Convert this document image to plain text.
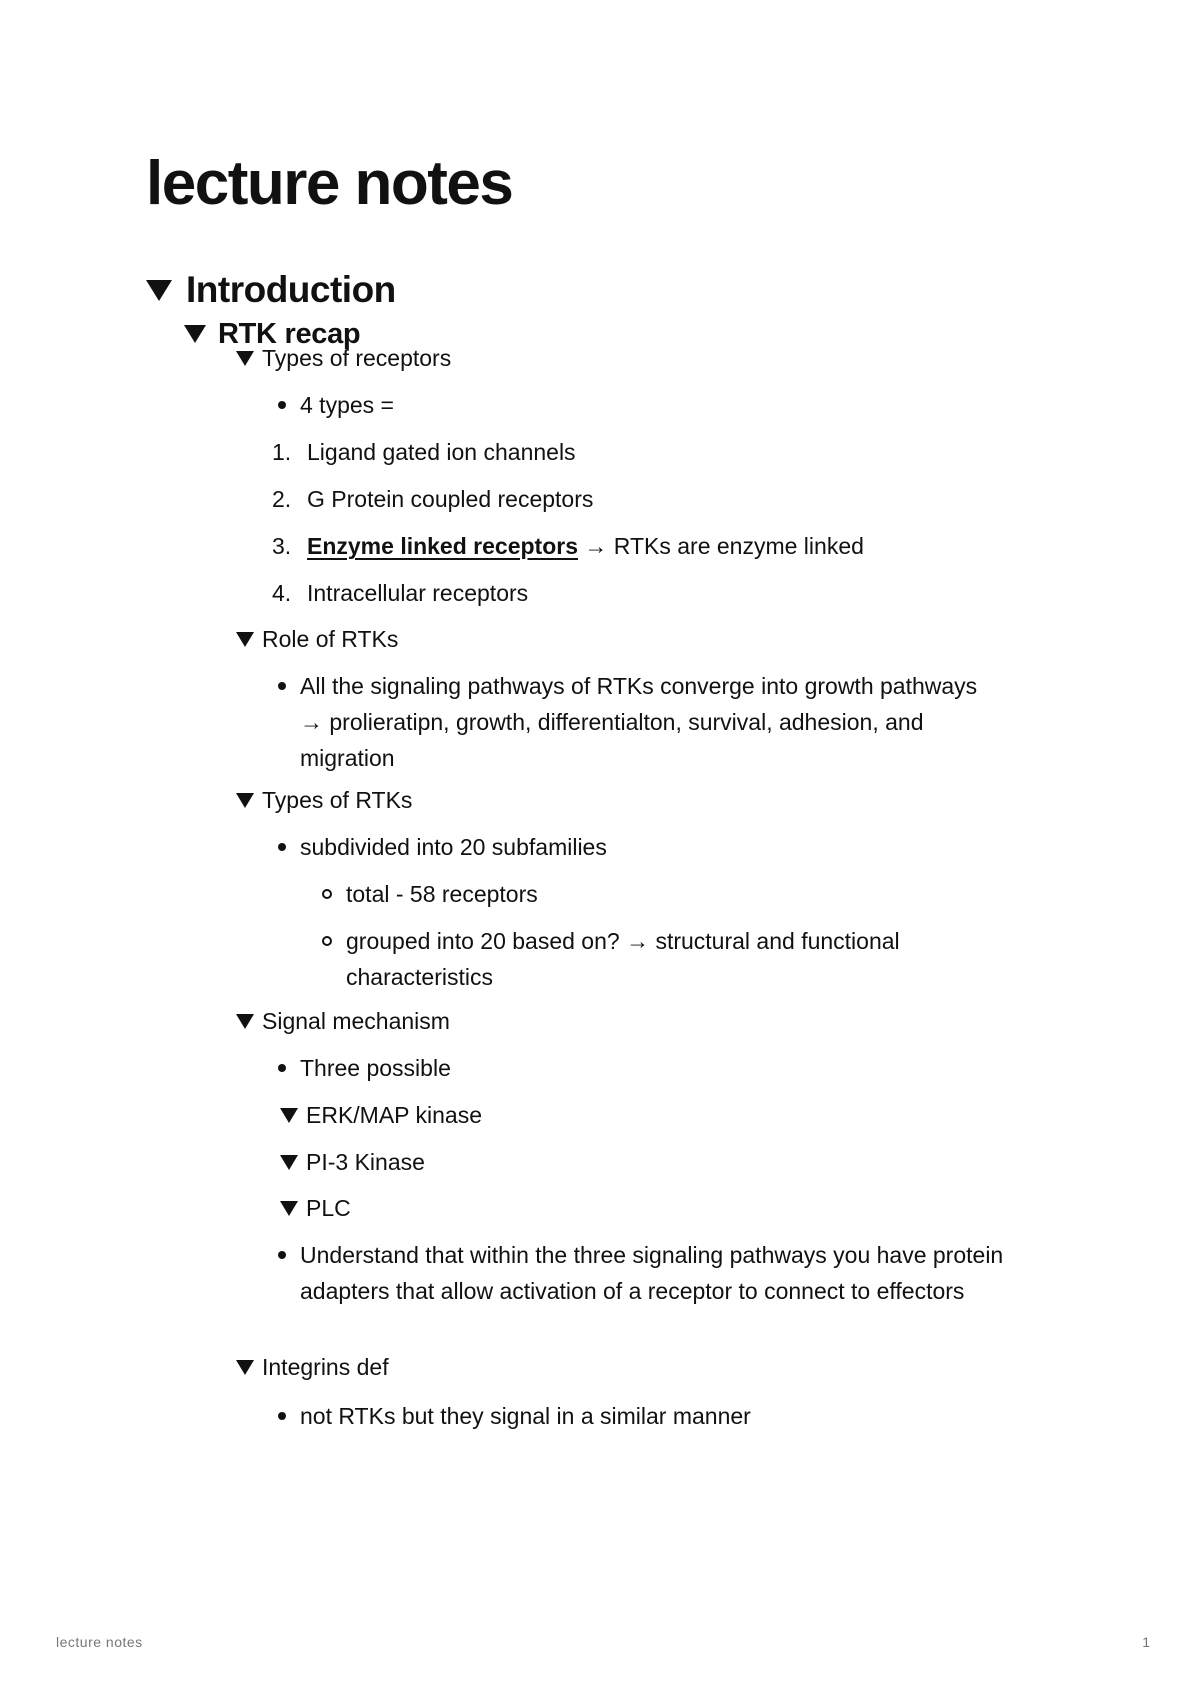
lecture notes
Introduction
RTK recap
Types of receptors
4 types =
1. Ligand gated ion channels
2. G Protein coupled receptors
3. Enzyme linked receptors → RTKs are enzyme linked
4. Intracellular receptors
Role of RTKs
All the signaling pathways of RTKs converge into growth pathways → prolieratipn, growth, differentialton, survival, adhesion, and migration
Types of RTKs
subdivided into 20 subfamilies
total - 58 receptors
grouped into 20 based on? → structural and functional characteristics
Signal mechanism
Three possible
ERK/MAP kinase
PI-3 Kinase
PLC
Understand that within the three signaling pathways you have protein adapters that allow activation of a receptor to connect to effectors
Integrins def
not RTKs but they signal in a similar manner
lecture notes	1
